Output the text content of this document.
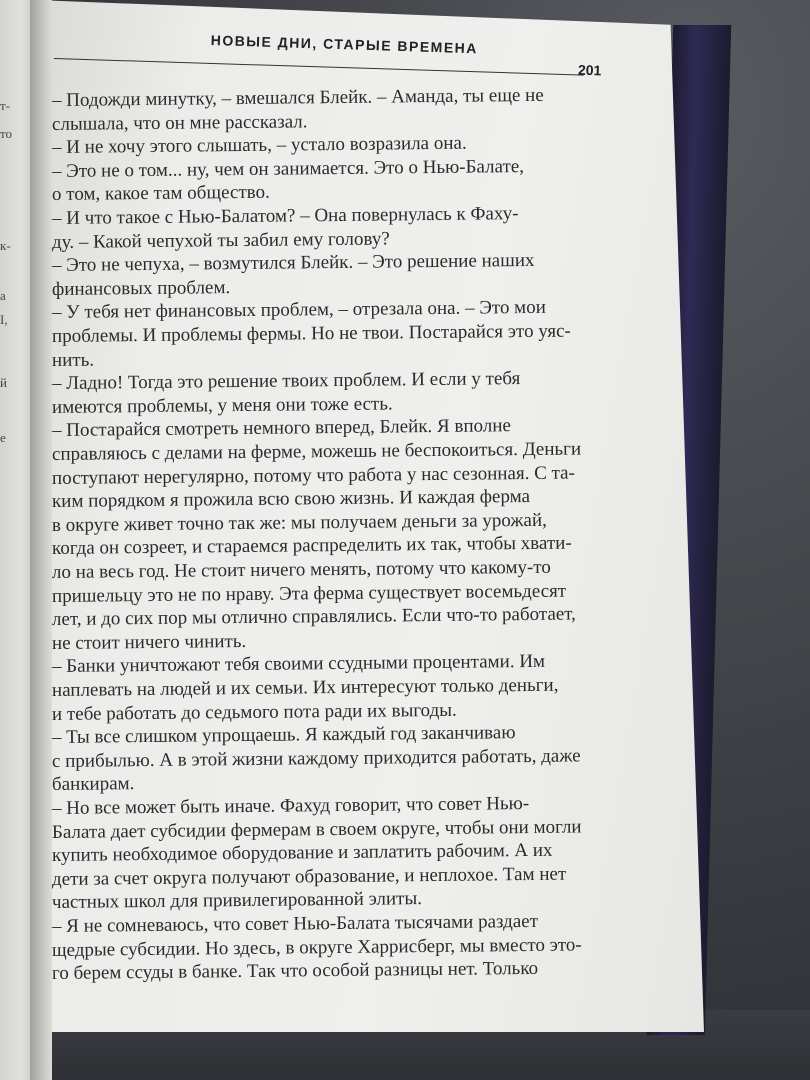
т-
то
к-
а
I,
й
е
НОВЫЕ ДНИ, СТАРЫЕ ВРЕМЕНА
201
– Подожди минутку, – вмешался Блейк. – Аманда, ты еще не
слышала, что он мне рассказал.
– И не хочу этого слышать, – устало возразила она.
– Это не о том... ну, чем он занимается. Это о Нью-Балате,
о том, какое там общество.
– И что такое с Нью-Балатом? – Она повернулась к Фаху-
ду. – Какой чепухой ты забил ему голову?
– Это не чепуха, – возмутился Блейк. – Это решение наших
финансовых проблем.
– У тебя нет финансовых проблем, – отрезала она. – Это мои
проблемы. И проблемы фермы. Но не твои. Постарайся это уяс-
нить.
– Ладно! Тогда это решение твоих проблем. И если у тебя
имеются проблемы, у меня они тоже есть.
– Постарайся смотреть немного вперед, Блейк. Я вполне
справляюсь с делами на ферме, можешь не беспокоиться. Деньги
поступают нерегулярно, потому что работа у нас сезонная. С та-
ким порядком я прожила всю свою жизнь. И каждая ферма
в округе живет точно так же: мы получаем деньги за урожай,
когда он созреет, и стараемся распределить их так, чтобы хвати-
ло на весь год. Не стоит ничего менять, потому что какому-то
пришельцу это не по нраву. Эта ферма существует восемьдесят
лет, и до сих пор мы отлично справлялись. Если что-то работает,
не стоит ничего чинить.
– Банки уничтожают тебя своими ссудными процентами. Им
наплевать на людей и их семьи. Их интересуют только деньги,
и тебе работать до седьмого пота ради их выгоды.
– Ты все слишком упрощаешь. Я каждый год заканчиваю
с прибылью. А в этой жизни каждому приходится работать, даже
банкирам.
– Но все может быть иначе. Фахуд говорит, что совет Нью-
Балата дает субсидии фермерам в своем округе, чтобы они могли
купить необходимое оборудование и заплатить рабочим. А их
дети за счет округа получают образование, и неплохое. Там нет
частных школ для привилегированной элиты.
– Я не сомневаюсь, что совет Нью-Балата тысячами раздает
щедрые субсидии. Но здесь, в округе Харрисберг, мы вместо это-
го берем ссуды в банке. Так что особой разницы нет. Только
